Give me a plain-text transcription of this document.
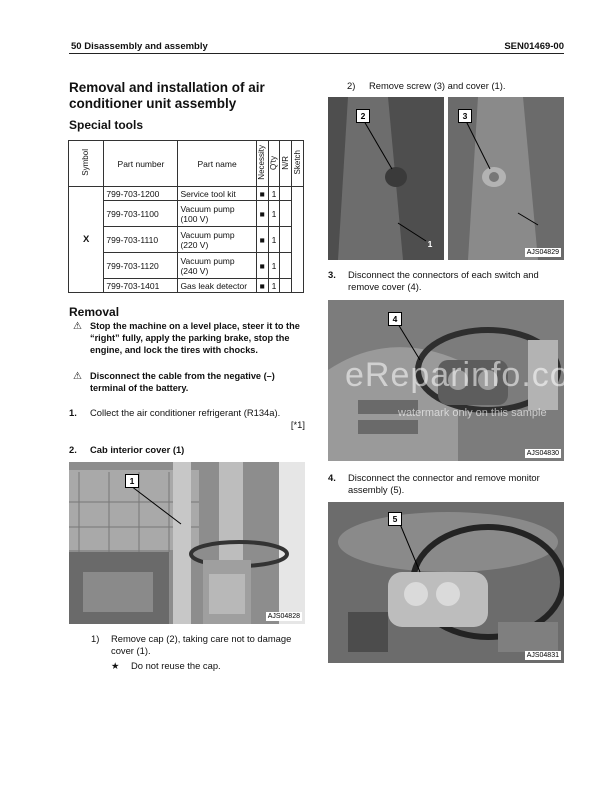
50 Disassembly and assembly	SEN01469-00
Removal and installation of air conditioner unit assembly
Special tools
Symbol	Part number	Part name	Necessity	Q'ty	N/R	Sketch
X	799-703-1200	Service tool kit	■	1		
	799-703-1100	Vacuum pump (100 V)	■	1		
	799-703-1110	Vacuum pump (220 V)	■	1		
	799-703-1120	Vacuum pump (240 V)	■	1		
	799-703-1401	Gas leak detector	■	1		
Removal
⚠ Stop the machine on a level place, steer it to the “right” fully, apply the parking brake, stop the engine, and lock the tires with chocks.
⚠ Disconnect the cable from the negative (–) terminal of the battery.
1. Collect the air conditioner refrigerant (R134a).
[*1]
2. Cab interior cover (1)
1
AJS04828
1) Remove cap (2), taking care not to damage cover (1).
★ Do not reuse the cap.
2) Remove screw (3) and cover (1).
2	3
1
AJS04829
3. Disconnect the connectors of each switch and remove cover (4).
4
AJS04830
eReparinfo.com
watermark only on this sample
4. Disconnect the connector and remove monitor assembly (5).
5
AJS04831
